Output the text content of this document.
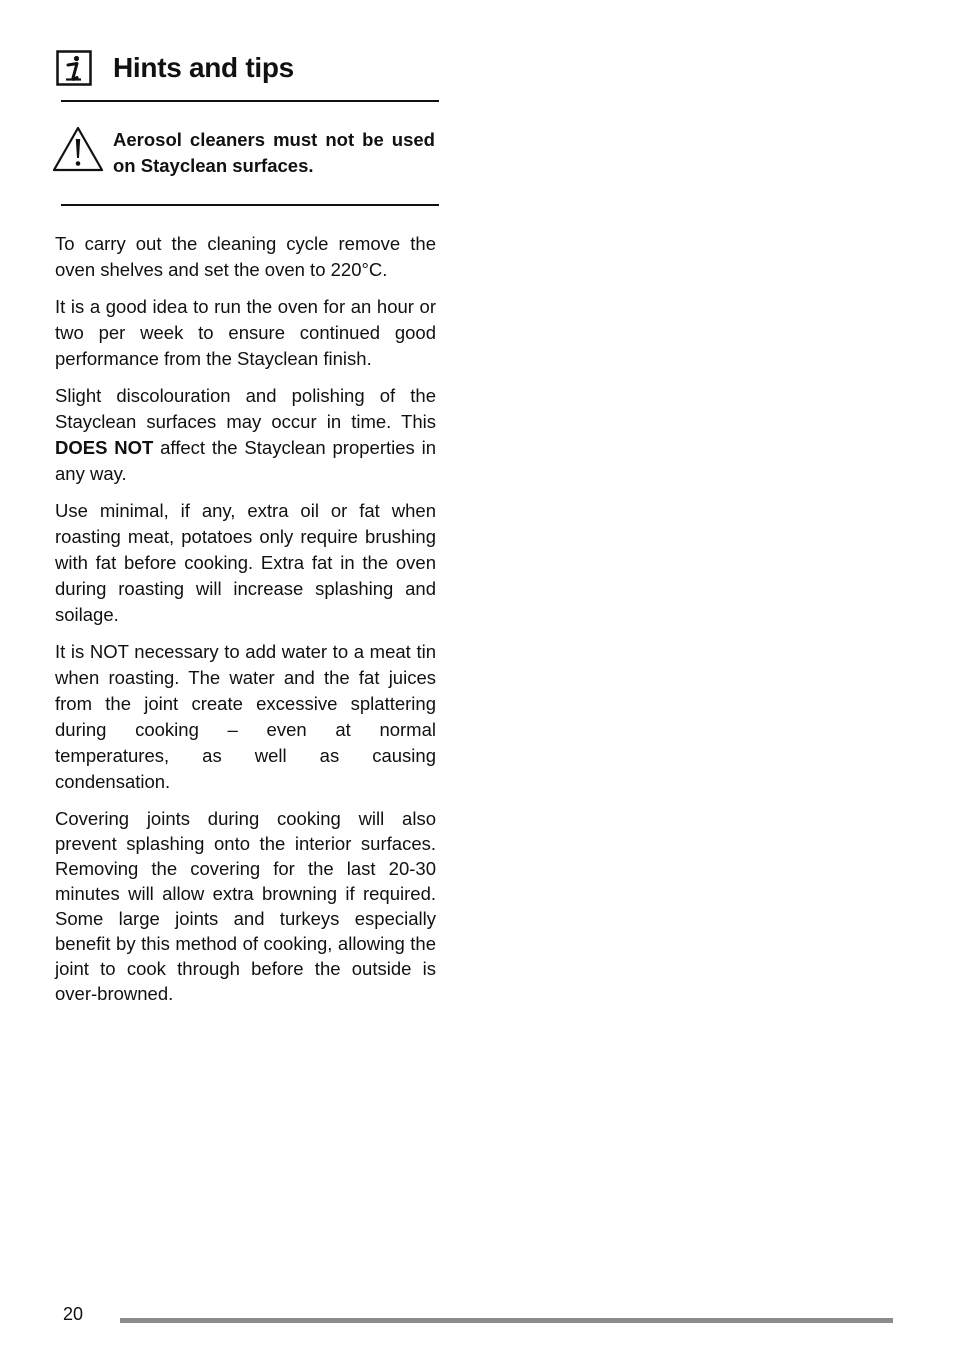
Hints and tips

Aerosol cleaners must not be used on Stayclean surfaces.

To carry out the cleaning cycle remove the oven shelves and set the oven to 220°C.

It is a good idea to run the oven for an hour or two per week to ensure continued good performance from the Stayclean finish.

Slight discolouration and polishing of the Stayclean surfaces may occur in time. This DOES NOT affect the Stayclean properties in any way.

Use minimal, if any, extra oil or fat when roasting meat, potatoes only require brushing with fat before cooking. Extra fat in the oven during roasting will increase splashing and soilage.

It is NOT necessary to add water to a meat tin when roasting. The water and the fat juices from the joint create excessive splattering during cooking – even at normal temperatures, as well as causing condensation.

Covering joints during cooking will also prevent splashing onto the interior surfaces. Removing the covering for the last 20-30 minutes will allow extra browning if required. Some large joints and turkeys especially benefit by this method of cooking, allowing the joint to cook through before the outside is over-browned.

20
